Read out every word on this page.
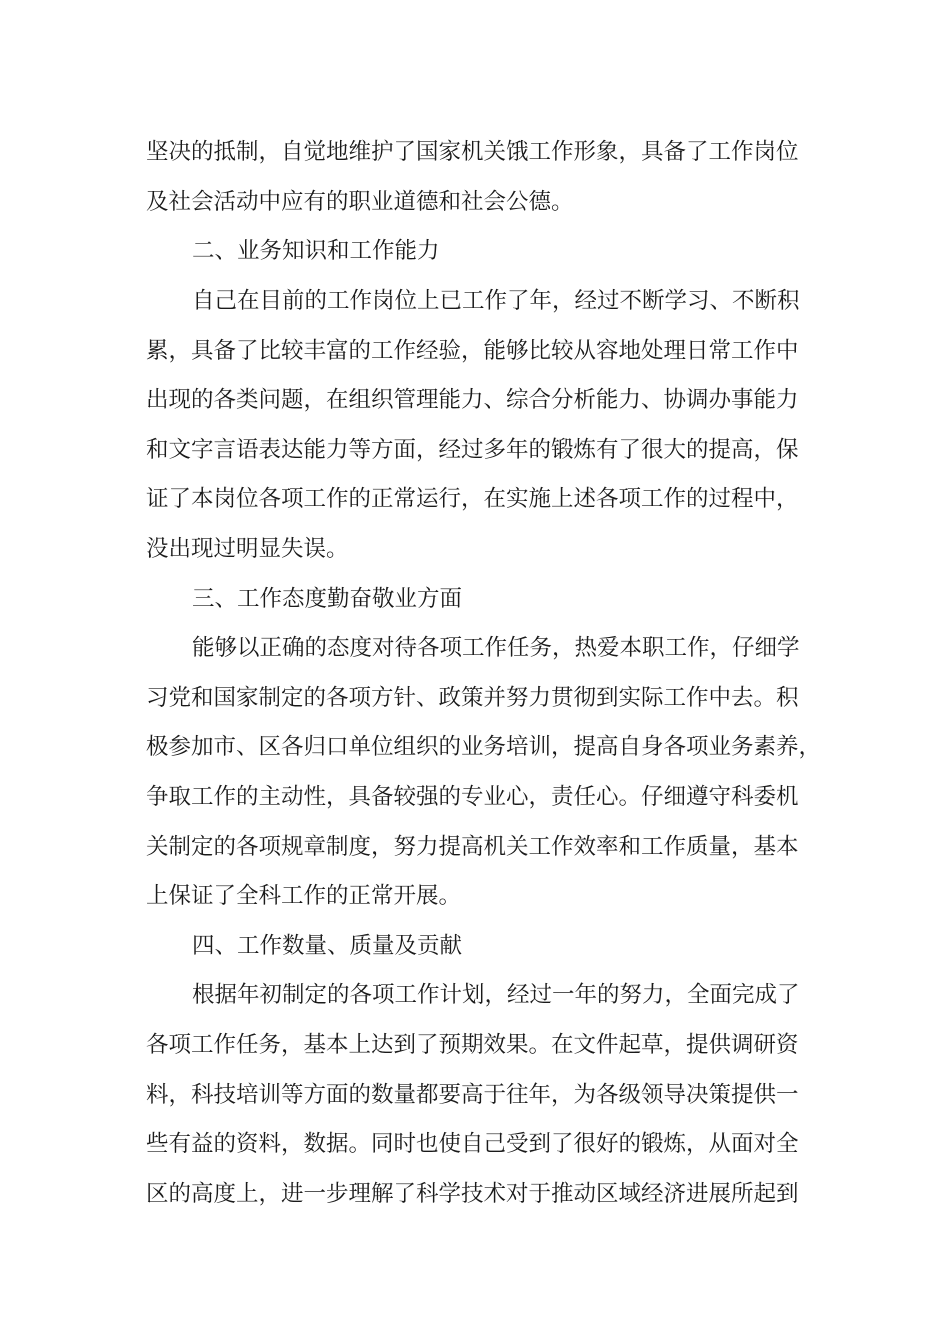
坚决的抵制，自觉地维护了国家机关饿工作形象，具备了工作岗位
及社会活动中应有的职业道德和社会公德。
二、业务知识和工作能力
自己在目前的工作岗位上已工作了年，经过不断学习、不断积
累，具备了比较丰富的工作经验，能够比较从容地处理日常工作中
出现的各类问题，在组织管理能力、综合分析能力、协调办事能力
和文字言语表达能力等方面，经过多年的锻炼有了很大的提高，保
证了本岗位各项工作的正常运行，在实施上述各项工作的过程中，
没出现过明显失误。
三、工作态度勤奋敬业方面
能够以正确的态度对待各项工作任务，热爱本职工作，仔细学
习党和国家制定的各项方针、政策并努力贯彻到实际工作中去。积
极参加市、区各归口单位组织的业务培训，提高自身各项业务素养，
争取工作的主动性，具备较强的专业心，责任心。仔细遵守科委机
关制定的各项规章制度，努力提高机关工作效率和工作质量，基本
上保证了全科工作的正常开展。
四、工作数量、质量及贡献
根据年初制定的各项工作计划，经过一年的努力，全面完成了
各项工作任务，基本上达到了预期效果。在文件起草，提供调研资
料，科技培训等方面的数量都要高于往年，为各级领导决策提供一
些有益的资料，数据。同时也使自己受到了很好的锻炼，从面对全
区的高度上，进一步理解了科学技术对于推动区域经济进展所起到
